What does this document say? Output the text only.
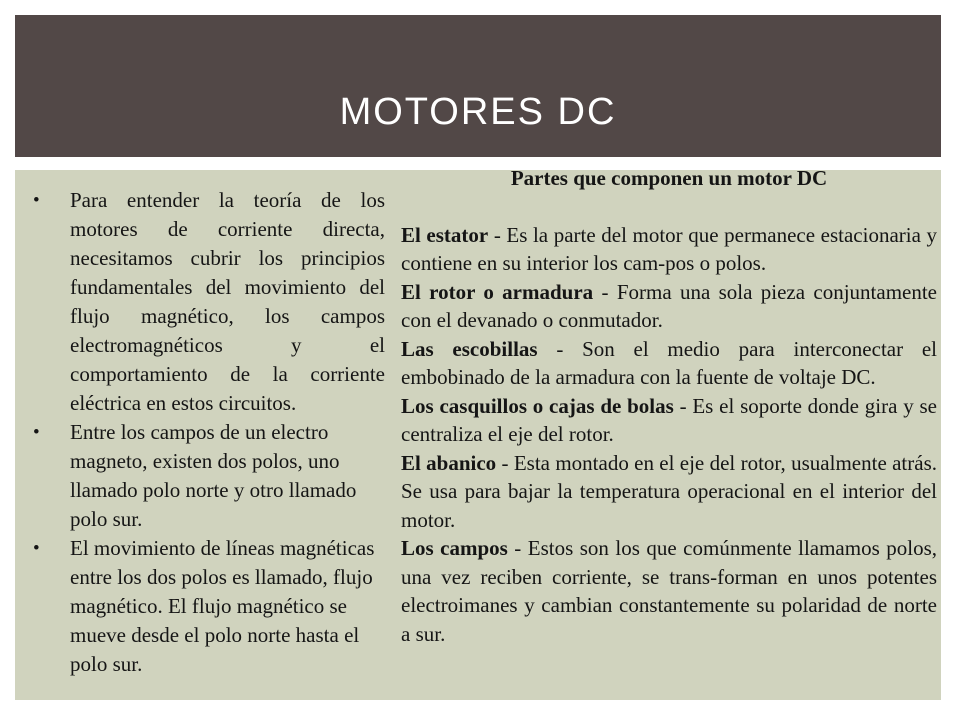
MOTORES DC
• Para entender la teoría de los motores de corriente directa, necesitamos cubrir los principios fundamentales del movimiento del flujo magnético, los campos electromagnéticos y el comportamiento de la corriente eléctrica en estos circuitos.
• Entre los campos de un electro magneto, existen dos polos, uno llamado polo norte y otro llamado polo sur.
• El movimiento de líneas magnéticas entre los dos polos es llamado, flujo magnético. El flujo magnético se mueve desde el polo norte hasta el polo sur.

Partes que componen un motor DC

El estator - Es la parte del motor que permanece estacionaria y contiene en su interior los cam-pos o polos.

El rotor o armadura - Forma una sola pieza conjuntamente con el devanado o conmutador.

Las escobillas - Son el medio para interconectar el embobinado de la armadura con la fuente de voltaje DC.

Los casquillos o cajas de bolas - Es el soporte donde gira y se centraliza el eje del rotor.

El abanico - Esta montado en el eje del rotor, usualmente atrás. Se usa para bajar la temperatura operacional en el interior del motor.

Los campos - Estos son los que comúnmente llamamos polos, una vez reciben corriente, se trans-forman en unos potentes electroimanes y cambian constantemente su polaridad de norte a sur.
